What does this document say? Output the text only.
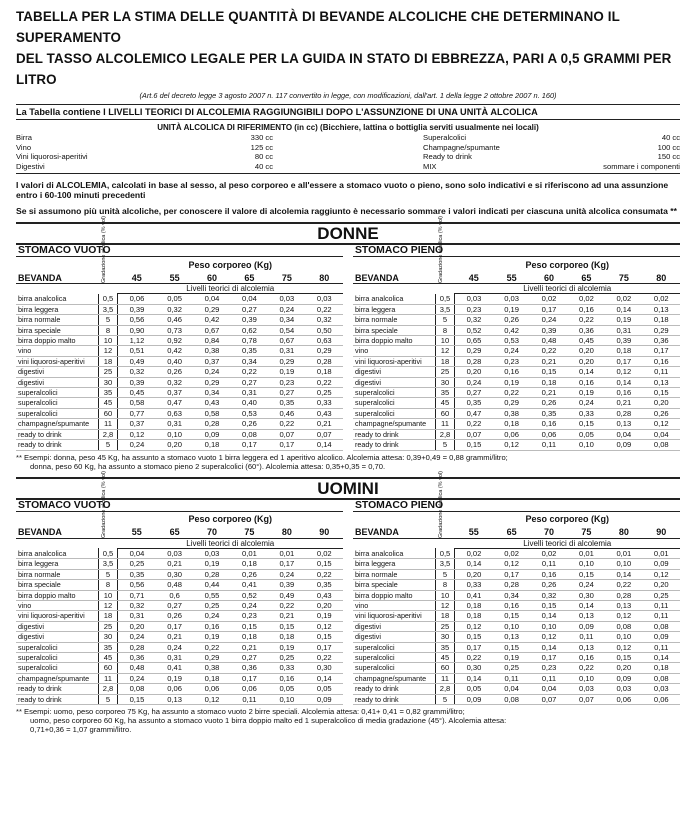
TABELLA PER LA STIMA DELLE QUANTITÀ DI BEVANDE ALCOLICHE CHE DETERMINANO IL SUPERAMENTO
DEL TASSO ALCOLEMICO LEGALE PER LA GUIDA IN STATO DI EBBREZZA, PARI A 0,5 GRAMMI PER LITRO
(Art.6 del decreto legge 3 agosto 2007 n. 117 convertito in legge, con modificazioni, dall'art. 1 della legge 2 ottobre 2007 n. 160)
La Tabella contiene I LIVELLI TEORICI DI ALCOLEMIA RAGGIUNGIBILI DOPO L'ASSUNZIONE DI UNA UNITÀ ALCOLICA
UNITÀ ALCOLICA DI RIFERIMENTO (in cc) (Bicchiere, lattina o bottiglia serviti usualmente nei locali)
Birra	330 cc
Vino	125 cc
Vini liquorosi-aperitivi	80 cc
Digestivi	40 cc
Superalcolici	40 cc
Champagne/spumante	100 cc
Ready to drink	150 cc
MIX	sommare i componenti
I valori di ALCOLEMIA, calcolati in base al sesso, al peso corporeo e all'essere a stomaco vuoto o pieno, sono solo indicativi e si riferiscono ad una assunzione entro i 60-100 minuti precedenti
Se si assumono più unità alcoliche, per conoscere il valore di alcolemia raggiunto è necessario sommare i valori indicati per ciascuna unità alcolica consumata **
DONNE
STOMACO VUOTO
BEVANDA	Gradazione alcolica (% vol)	Peso corporeo (Kg)					
		45	55	60	65	75	80
		Livelli teorici di alcolemia					
birra analcolica	0,5	0,06	0,05	0,04	0,04	0,03	0,03
birra leggera	3,5	0,39	0,32	0,29	0,27	0,24	0,22
birra normale	5	0,56	0,46	0,42	0,39	0,34	0,32
birra speciale	8	0,90	0,73	0,67	0,62	0,54	0,50
birra doppio malto	10	1,12	0,92	0,84	0,78	0,67	0,63
vino	12	0,51	0,42	0,38	0,35	0,31	0,29
vini liquorosi-aperitivi	18	0,49	0,40	0,37	0,34	0,29	0,28
digestivi	25	0,32	0,26	0,24	0,22	0,19	0,18
digestivi	30	0,39	0,32	0,29	0,27	0,23	0,22
superalcolici	35	0,45	0,37	0,34	0,31	0,27	0,25
superalcolici	45	0,58	0,47	0,43	0,40	0,35	0,33
superalcolici	60	0,77	0,63	0,58	0,53	0,46	0,43
champagne/spumante	11	0,37	0,31	0,28	0,26	0,22	0,21
ready to drink	2,8	0,12	0,10	0,09	0,08	0,07	0,07
ready to drink	5	0,24	0,20	0,18	0,17	0,17	0,14
STOMACO PIENO
BEVANDA	Gradazione alcolica (% vol)	Peso corporeo (Kg)					
		45	55	60	65	75	80
		Livelli teorici di alcolemia					
birra analcolica	0,5	0,03	0,03	0,02	0,02	0,02	0,02
birra leggera	3,5	0,23	0,19	0,17	0,16	0,14	0,13
birra normale	5	0,32	0,26	0,24	0,22	0,19	0,18
birra speciale	8	0,52	0,42	0,39	0,36	0,31	0,29
birra doppio malto	10	0,65	0,53	0,48	0,45	0,39	0,36
vino	12	0,29	0,24	0,22	0,20	0,18	0,17
vini liquorosi-aperitivi	18	0,28	0,23	0,21	0,20	0,17	0,16
digestivi	25	0,20	0,16	0,15	0,14	0,12	0,11
digestivi	30	0,24	0,19	0,18	0,16	0,14	0,13
superalcolici	35	0,27	0,22	0,21	0,19	0,16	0,15
superalcolici	45	0,35	0,29	0,26	0,24	0,21	0,20
superalcolici	60	0,47	0,38	0,35	0,33	0,28	0,26
champagne/spumante	11	0,22	0,18	0,16	0,15	0,13	0,12
ready to drink	2,8	0,07	0,06	0,06	0,05	0,04	0,04
ready to drink	5	0,15	0,12	0,11	0,10	0,09	0,08
** Esempi: donna, peso 45 Kg, ha assunto a stomaco vuoto 1 birra leggera ed 1 aperitivo alcolico. Alcolemia attesa: 0,39+0,49 = 0,88 grammi/litro;
donna, peso 60 Kg, ha assunto a stomaco pieno 2 superalcolici (60°). Alcolemia attesa: 0,35+0,35 = 0,70.
UOMINI
STOMACO VUOTO
BEVANDA	Gradazione alcolica (% vol)	Peso corporeo (Kg)					
		55	65	70	75	80	90
		Livelli teorici di alcolemia					
birra analcolica	0,5	0,04	0,03	0,03	0,01	0,01	0,02
birra leggera	3,5	0,25	0,21	0,19	0,18	0,17	0,15
birra normale	5	0,35	0,30	0,28	0,26	0,24	0,22
birra speciale	8	0,56	0,48	0,44	0,41	0,39	0,35
birra doppio malto	10	0,71	0,6	0,55	0,52	0,49	0,43
vino	12	0,32	0,27	0,25	0,24	0,22	0,20
vini liquorosi-aperitivi	18	0,31	0,26	0,24	0,23	0,21	0,19
digestivi	25	0,20	0,17	0,16	0,15	0,15	0,12
digestivi	30	0,24	0,21	0,19	0,18	0,18	0,15
superalcolici	35	0,28	0,24	0,22	0,21	0,19	0,17
superalcolici	45	0,36	0,31	0,29	0,27	0,25	0,22
superalcolici	60	0,48	0,41	0,38	0,36	0,33	0,30
champagne/spumante	11	0,24	0,19	0,18	0,17	0,16	0,14
ready to drink	2,8	0,08	0,06	0,06	0,06	0,05	0,05
ready to drink	5	0,15	0,13	0,12	0,11	0,10	0,09
STOMACO PIENO
BEVANDA	Gradazione alcolica (% vol)	Peso corporeo (Kg)					
		55	65	70	75	80	90
		Livelli teorici di alcolemia					
birra analcolica	0,5	0,02	0,02	0,02	0,01	0,01	0,01
birra leggera	3,5	0,14	0,12	0,11	0,10	0,10	0,09
birra normale	5	0,20	0,17	0,16	0,15	0,14	0,12
birra speciale	8	0,33	0,28	0,26	0,24	0,22	0,20
birra doppio malto	10	0,41	0,34	0,32	0,30	0,28	0,25
vino	12	0,18	0,16	0,15	0,14	0,13	0,11
vini liquorosi-aperitivi	18	0,18	0,15	0,14	0,13	0,12	0,11
digestivi	25	0,12	0,10	0,10	0,09	0,08	0,08
digestivi	30	0,15	0,13	0,12	0,11	0,10	0,09
superalcolici	35	0,17	0,15	0,14	0,13	0,12	0,11
superalcolici	45	0,22	0,19	0,17	0,16	0,15	0,14
superalcolici	60	0,30	0,25	0,23	0,22	0,20	0,18
champagne/spumante	11	0,14	0,11	0,11	0,10	0,09	0,08
ready to drink	2,8	0,05	0,04	0,04	0,03	0,03	0,03
ready to drink	5	0,09	0,08	0,07	0,07	0,06	0,06
** Esempi: uomo, peso corporeo 75 Kg, ha assunto a stomaco vuoto 2 birre speciali. Alcolemia attesa: 0,41+ 0,41 = 0,82 grammi/litro;
uomo, peso corporeo 60 Kg, ha assunto a stomaco vuoto 1 birra doppio malto ed 1 superalcolico di media gradazione (45°). Alcolemia attesa:
0,71+0,36 = 1,07 grammi/litro.
